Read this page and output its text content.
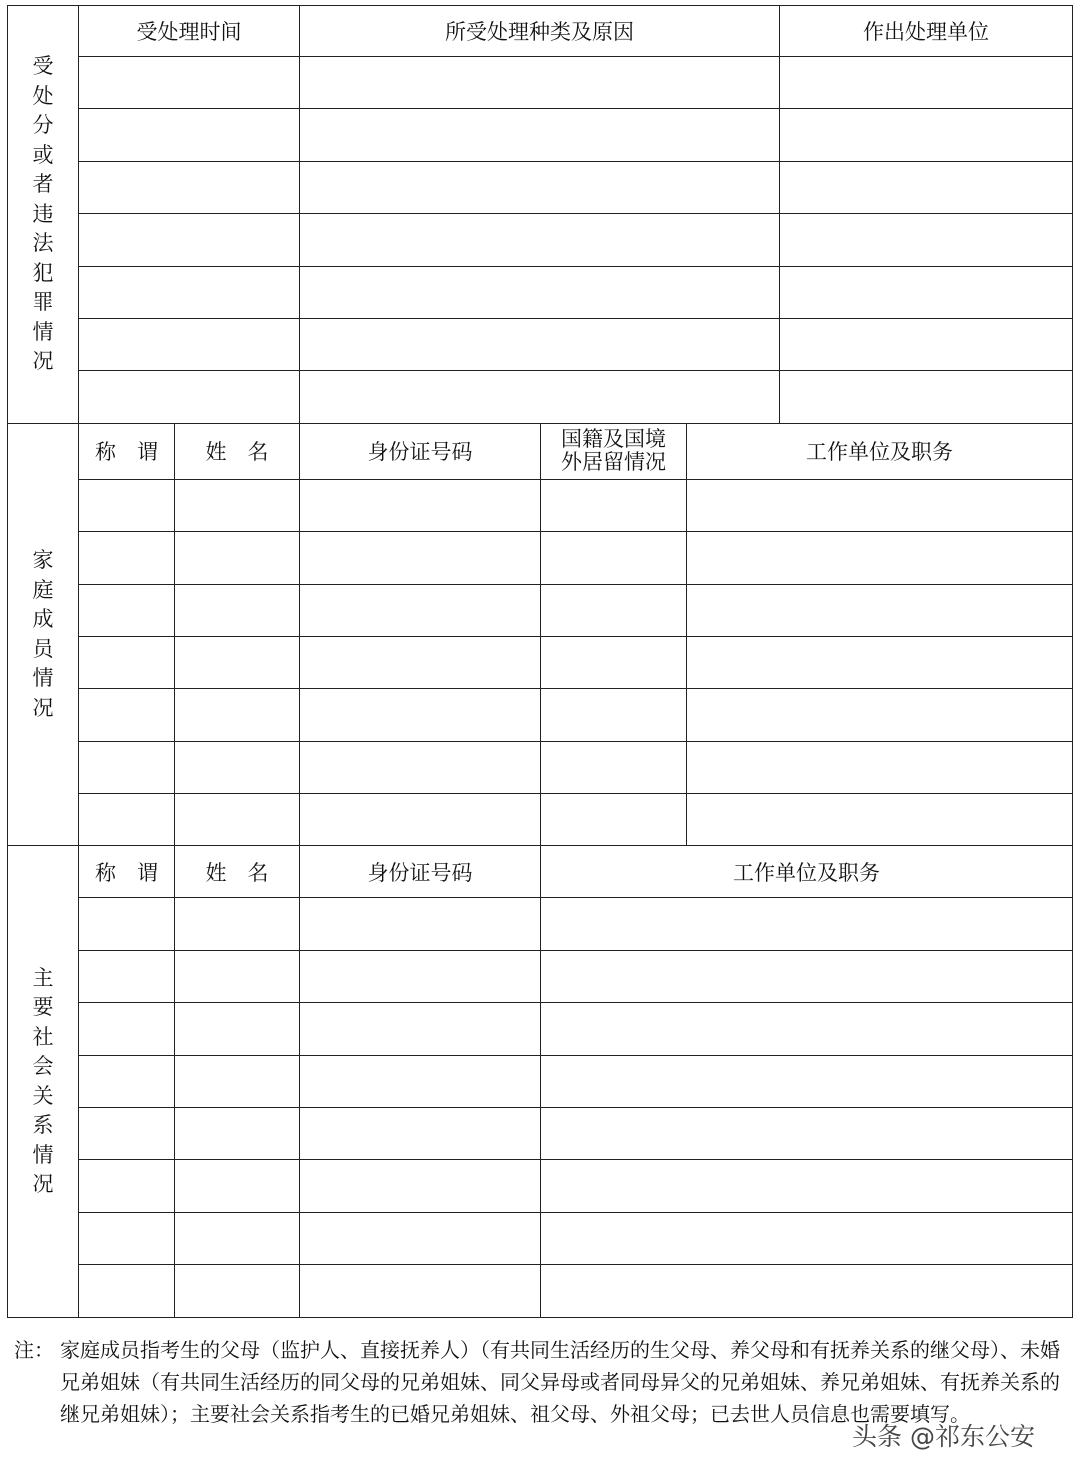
受处分或者违法犯罪情况	受处理时间		所受处理种类及原因			作出处理单位

家庭成员情况	称　谓	姓　名	身份证号码	国籍及国境外居留情况	工作单位及职务	

主要社会关系情况	称　谓	姓　名	身份证号码	工作单位及职务		

注： 家庭成员指考生的父母（监护人、直接抚养人）（有共同生活经历的生父母、养父母和有抚养关系的继父母）、未婚兄弟姐妹（有共同生活经历的同父母的兄弟姐妹、同父异母或者同母异父的兄弟姐妹、养兄弟姐妹、有抚养关系的继兄弟姐妹）；主要社会关系指考生的已婚兄弟姐妹、祖父母、外祖父母；已去世人员信息也需要填写。
头条 @祁东公安
